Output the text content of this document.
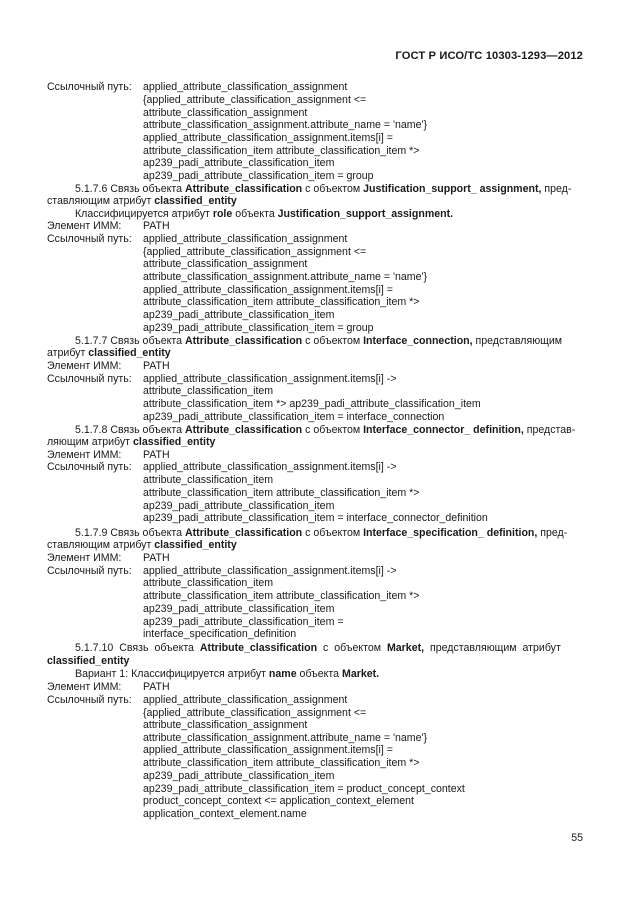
ГОСТ Р ИСО/ТС 10303-1293—2012
Ссылочный путь: applied_attribute_classification_assignment
{applied_attribute_classification_assignment <=
attribute_classification_assignment
attribute_classification_assignment.attribute_name = 'name'}
applied_attribute_classification_assignment.items[i] =
attribute_classification_item attribute_classification_item *>
ap239_padi_attribute_classification_item
ap239_padi_attribute_classification_item = group
5.1.7.6 Связь объекта Attribute_classification с объектом Justification_support_ assignment, пред-
ставляющим атрибут classified_entity
Классифицируется атрибут role объекта Justification_support_assignment.
Элемент ИММ: PATH
Ссылочный путь: applied_attribute_classification_assignment
{applied_attribute_classification_assignment <=
attribute_classification_assignment
attribute_classification_assignment.attribute_name = 'name'}
applied_attribute_classification_assignment.items[i] =
attribute_classification_item attribute_classification_item *>
ap239_padi_attribute_classification_item
ap239_padi_attribute_classification_item = group
5.1.7.7 Связь объекта Attribute_classification с объектом Interface_connection, представляющим
атрибут classified_entity
Элемент ИММ: PATH
Ссылочный путь: applied_attribute_classification_assignment.items[i] ->
attribute_classification_item
attribute_classification_item *> ap239_padi_attribute_classification_item
ap239_padi_attribute_classification_item = interface_connection
5.1.7.8 Связь объекта Attribute_classification с объектом Interface_connector_ definition, представ-
ляющим атрибут classified_entity
Элемент ИММ: PATH
Ссылочный путь: applied_attribute_classification_assignment.items[i] ->
attribute_classification_item
attribute_classification_item attribute_classification_item *>
ap239_padi_attribute_classification_item
ap239_padi_attribute_classification_item = interface_connector_definition
5.1.7.9 Связь объекта Attribute_classification с объектом Interface_specification_ definition, пред-
ставляющим атрибут classified_entity
Элемент ИММ: PATH
Ссылочный путь: applied_attribute_classification_assignment.items[i] ->
attribute_classification_item
attribute_classification_item attribute_classification_item *>
ap239_padi_attribute_classification_item
ap239_padi_attribute_classification_item =
interface_specification_definition
5.1.7.10 Связь объекта Attribute_classification с объектом Market, представляющим атрибут
classified_entity
Вариант 1: Классифицируется атрибут name объекта Market.
Элемент ИММ: PATH
Ссылочный путь: applied_attribute_classification_assignment
{applied_attribute_classification_assignment <=
attribute_classification_assignment
attribute_classification_assignment.attribute_name = 'name'}
applied_attribute_classification_assignment.items[i] =
attribute_classification_item attribute_classification_item *>
ap239_padi_attribute_classification_item
ap239_padi_attribute_classification_item = product_concept_context
product_concept_context <= application_context_element
application_context_element.name
55
